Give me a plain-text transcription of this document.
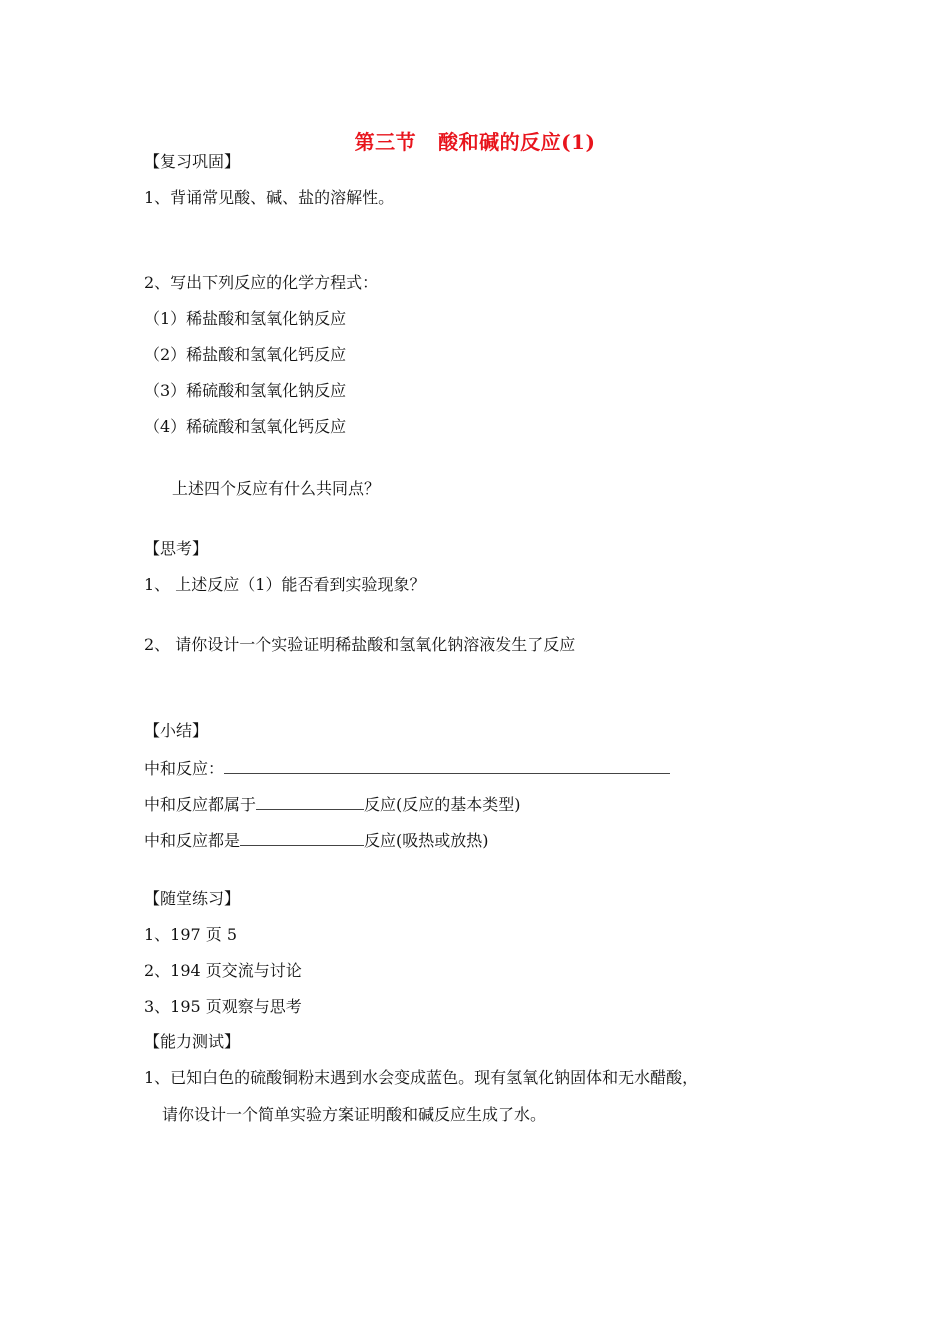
第三节 酸和碱的反应(1)
【复习巩固】
1、背诵常见酸、碱、盐的溶解性。
2、写出下列反应的化学方程式：
（1）稀盐酸和氢氧化钠反应
（2）稀盐酸和氢氧化钙反应
（3）稀硫酸和氢氧化钠反应
（4）稀硫酸和氢氧化钙反应
上述四个反应有什么共同点？
【思考】
1、 上述反应（1）能否看到实验现象？
2、 请你设计一个实验证明稀盐酸和氢氧化钠溶液发生了反应
【小结】
中和反应：
中和反应都属于	反应(反应的基本类型)
中和反应都是	反应(吸热或放热)
【随堂练习】
1、197 页 5
2、194 页交流与讨论
3、195 页观察与思考
【能力测试】
1、已知白色的硫酸铜粉末遇到水会变成蓝色。现有氢氧化钠固体和无水醋酸，
请你设计一个简单实验方案证明酸和碱反应生成了水。
